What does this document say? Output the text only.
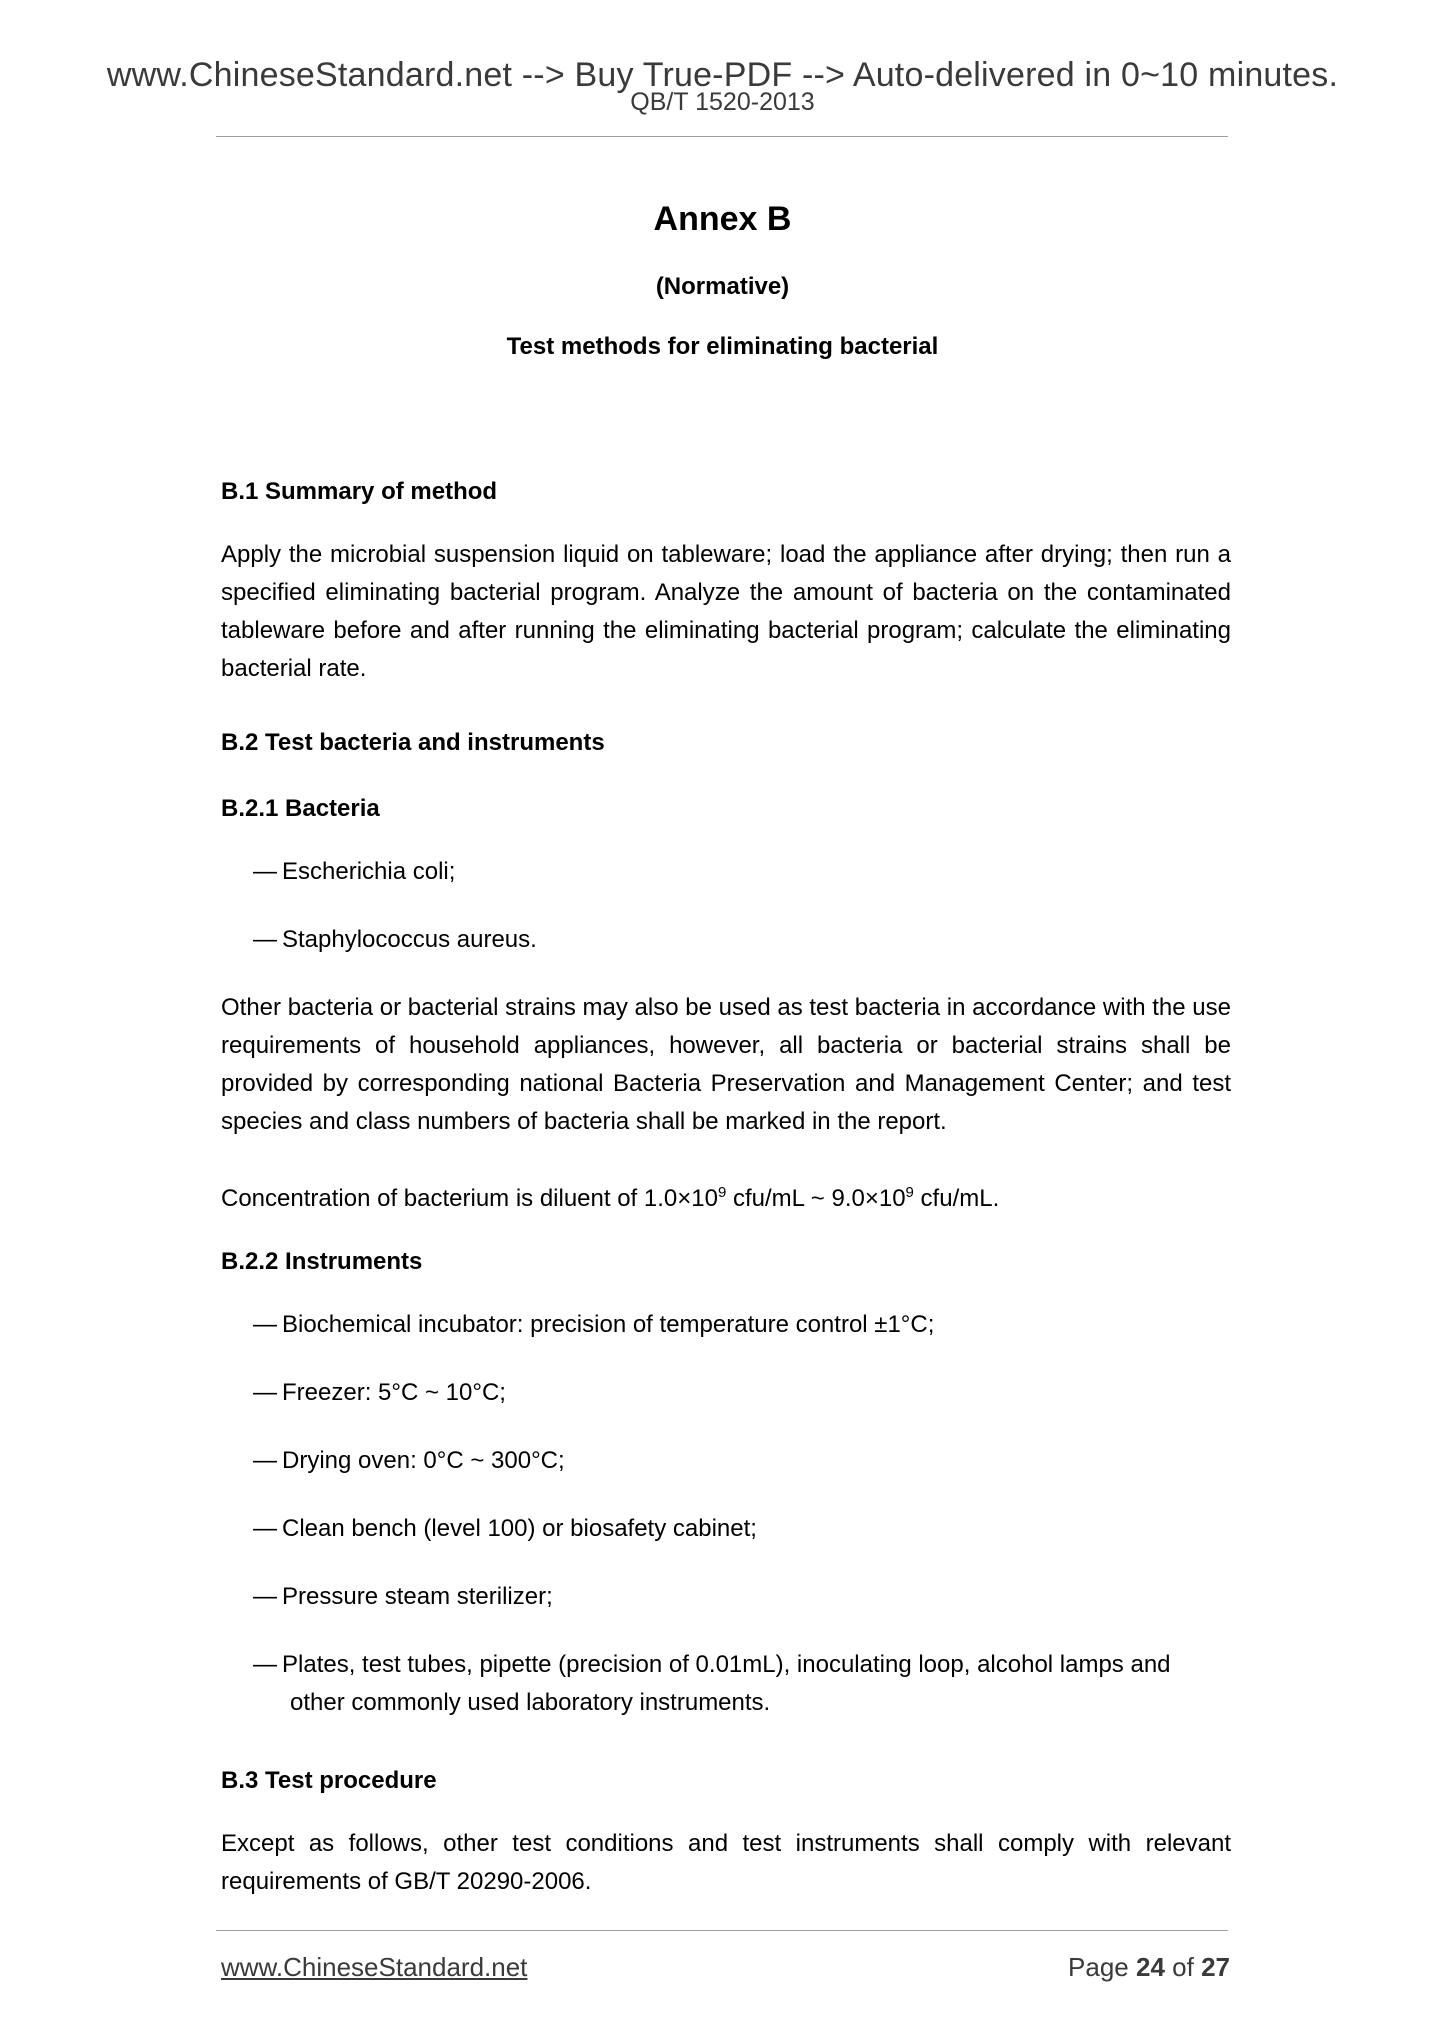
www.ChineseStandard.net --> Buy True-PDF --> Auto-delivered in 0~10 minutes.
QB/T 1520-2013
Annex B
(Normative)
Test methods for eliminating bacterial
B.1 Summary of method
Apply the microbial suspension liquid on tableware; load the appliance after drying; then run a specified eliminating bacterial program. Analyze the amount of bacteria on the contaminated tableware before and after running the eliminating bacterial program; calculate the eliminating bacterial rate.
B.2 Test bacteria and instruments
B.2.1 Bacteria
— Escherichia coli;
— Staphylococcus aureus.
Other bacteria or bacterial strains may also be used as test bacteria in accordance with the use requirements of household appliances, however, all bacteria or bacterial strains shall be provided by corresponding national Bacteria Preservation and Management Center; and test species and class numbers of bacteria shall be marked in the report.
Concentration of bacterium is diluent of $1.0\times 10^9$ cfu/mL ~ $9.0\times 10^9$ cfu/mL.
B.2.2 Instruments
— Biochemical incubator: precision of temperature control ±1°C;
— Freezer: 5°C ~ 10°C;
— Drying oven: 0°C ~ 300°C;
— Clean bench (level 100) or biosafety cabinet;
— Pressure steam sterilizer;
— Plates, test tubes, pipette (precision of 0.01mL), inoculating loop, alcohol lamps and
other commonly used laboratory instruments.
B.3 Test procedure
Except as follows, other test conditions and test instruments shall comply with relevant requirements of GB/T 20290-2006.
www.ChineseStandard.net	Page 24 of 27
